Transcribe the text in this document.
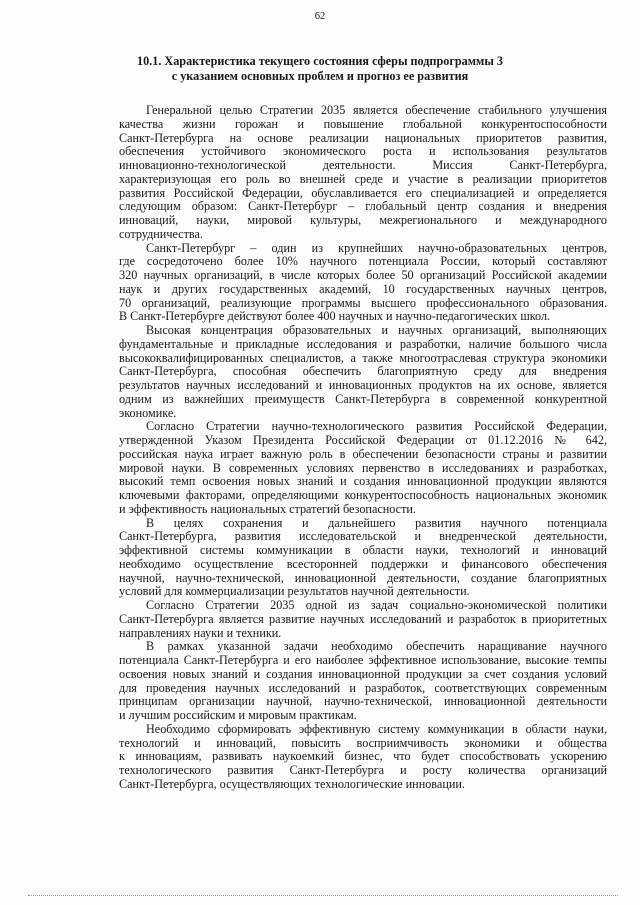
62
10.1. Характеристика текущего состояния сферы подпрограммы 3
с указанием основных проблем и прогноз ее развития

Генеральной целью Стратегии 2035 является обеспечение стабильного улучшения
качества жизни горожан и повышение глобальной конкурентоспособности
Санкт-Петербурга на основе реализации национальных приоритетов развития,
обеспечения устойчивого экономического роста и использования результатов
инновационно-технологической деятельности. Миссия Санкт-Петербурга,
характеризующая его роль во внешней среде и участие в реализации приоритетов
развития Российской Федерации, обуславливается его специализацией и определяется
следующим образом: Санкт-Петербург – глобальный центр создания и внедрения
инноваций, науки, мировой культуры, межрегионального и международного
сотрудничества.

Санкт-Петербург – один из крупнейших научно-образовательных центров,
где сосредоточено более 10% научного потенциала России, который составляют
320 научных организаций, в числе которых более 50 организаций Российской академии
наук и других государственных академий, 10 государственных научных центров,
70 организаций, реализующие программы высшего профессионального образования.
В Санкт-Петербурге действуют более 400 научных и научно-педагогических школ.

Высокая концентрация образовательных и научных организаций, выполняющих
фундаментальные и прикладные исследования и разработки, наличие большого числа
высококвалифицированных специалистов, а также многоотраслевая структура экономики
Санкт-Петербурга, способная обеспечить благоприятную среду для внедрения
результатов научных исследований и инновационных продуктов на их основе, является
одним из важнейших преимуществ Санкт-Петербурга в современной конкурентной
экономике.

Согласно Стратегии научно-технологического развития Российской Федерации,
утвержденной Указом Президента Российской Федерации от 01.12.2016 № 642,
российская наука играет важную роль в обеспечении безопасности страны и развитии
мировой науки. В современных условиях первенство в исследованиях и разработках,
высокий темп освоения новых знаний и создания инновационной продукции являются
ключевыми факторами, определяющими конкурентоспособность национальных экономик
и эффективность национальных стратегий безопасности.

В целях сохранения и дальнейшего развития научного потенциала
Санкт-Петербурга, развития исследовательской и внедренческой деятельности,
эффективной системы коммуникации в области науки, технологий и инноваций
необходимо осуществление всесторонней поддержки и финансового обеспечения
научной, научно-технической, инновационной деятельности, создание благоприятных
условий для коммерциализации результатов научной деятельности.

Согласно Стратегии 2035 одной из задач социально-экономической политики
Санкт-Петербурга является развитие научных исследований и разработок в приоритетных
направлениях науки и техники.

В рамках указанной задачи необходимо обеспечить наращивание научного
потенциала Санкт-Петербурга и его наиболее эффективное использование, высокие темпы
освоения новых знаний и создания инновационной продукции за счет создания условий
для проведения научных исследований и разработок, соответствующих современным
принципам организации научной, научно-технической, инновационной деятельности
и лучшим российским и мировым практикам.

Необходимо сформировать эффективную систему коммуникации в области науки,
технологий и инноваций, повысить восприимчивость экономики и общества
к инновациям, развивать наукоемкий бизнес, что будет способствовать ускорению
технологического развития Санкт-Петербурга и росту количества организаций
Санкт-Петербурга, осуществляющих технологические инновации.
